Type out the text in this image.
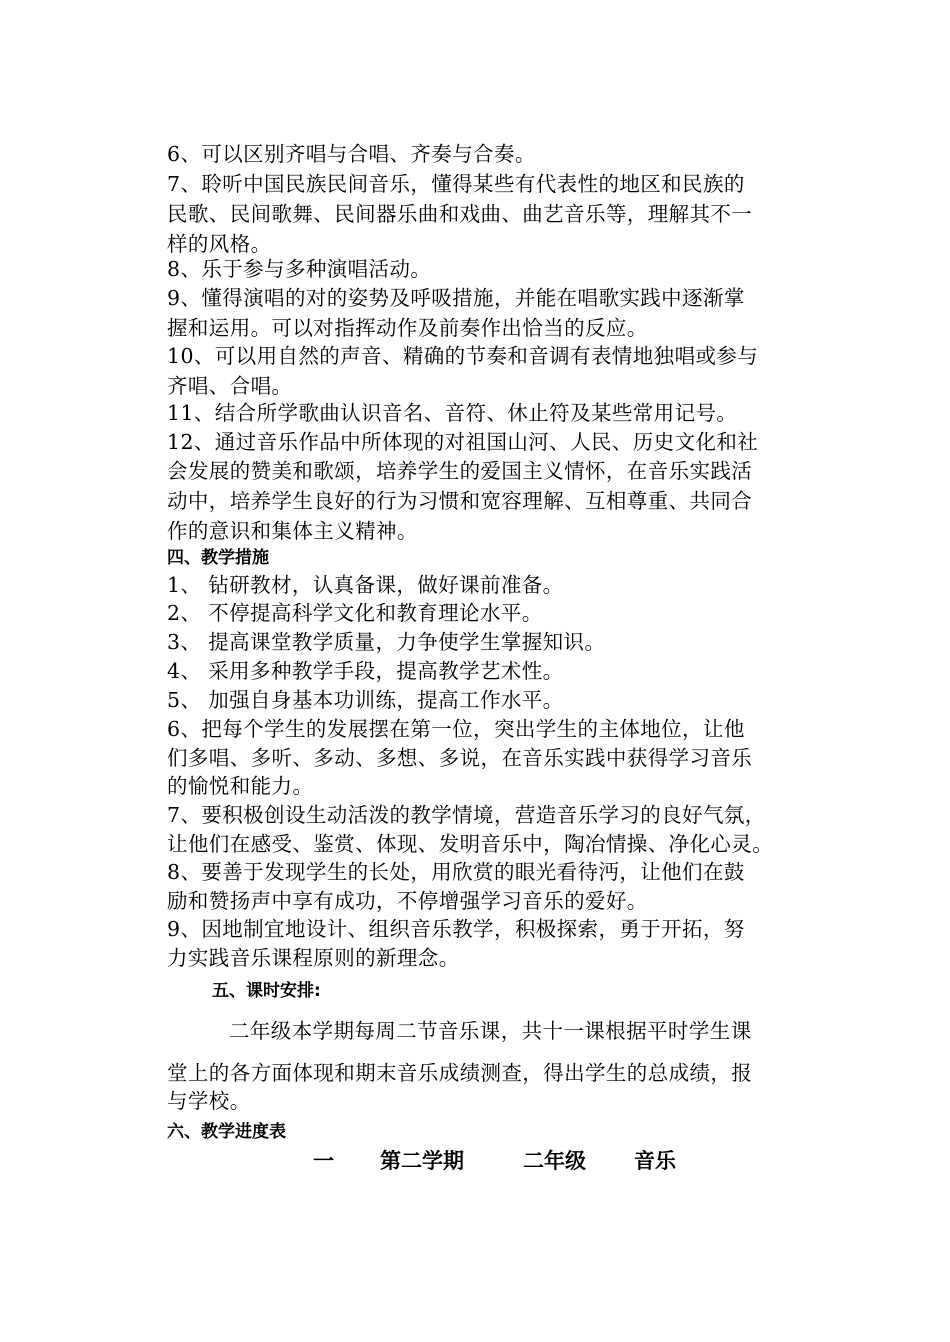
6、可以区别齐唱与合唱、齐奏与合奏。

7、聆听中国民族民间音乐，懂得某些有代表性的地区和民族的

民歌、民间歌舞、民间器乐曲和戏曲、曲艺音乐等，理解其不一

样的风格。

8、乐于参与多种演唱活动。

9、懂得演唱的对的姿势及呼吸措施，并能在唱歌实践中逐渐掌

握和运用。可以对指挥动作及前奏作出恰当的反应。

10、可以用自然的声音、精确的节奏和音调有表情地独唱或参与

齐唱、合唱。

11、结合所学歌曲认识音名、音符、休止符及某些常用记号。

12、通过音乐作品中所体现的对祖国山河、人民、历史文化和社

会发展的赞美和歌颂，培养学生的爱国主义情怀，在音乐实践活

动中，培养学生良好的行为习惯和宽容理解、互相尊重、共同合

作的意识和集体主义精神。

四、教学措施

1、 钻研教材，认真备课，做好课前准备。

2、 不停提高科学文化和教育理论水平。

3、 提高课堂教学质量，力争使学生掌握知识。

4、 采用多种教学手段，提高教学艺术性。

5、 加强自身基本功训练，提高工作水平。

6、把每个学生的发展摆在第一位，突出学生的主体地位，让他

们多唱、多听、多动、多想、多说，在音乐实践中获得学习音乐

的愉悦和能力。

7、要积极创设生动活泼的教学情境，营造音乐学习的良好气氛，

让他们在感受、鉴赏、体现、发明音乐中，陶冶情操、净化心灵。

8、要善于发现学生的长处，用欣赏的眼光看待沔，让他们在鼓

励和赞扬声中享有成功，不停增强学习音乐的爱好。

9、因地制宜地设计、组织音乐教学，积极探索，勇于开拓，努

力实践音乐课程原则的新理念。

五、课时安排:

二年级本学期每周二节音乐课，共十一课根据平时学生课

堂上的各方面体现和期末音乐成绩测查，得出学生的总成绩，报

与学校。

六、教学进度表
一 第二学期	二年级 音乐
